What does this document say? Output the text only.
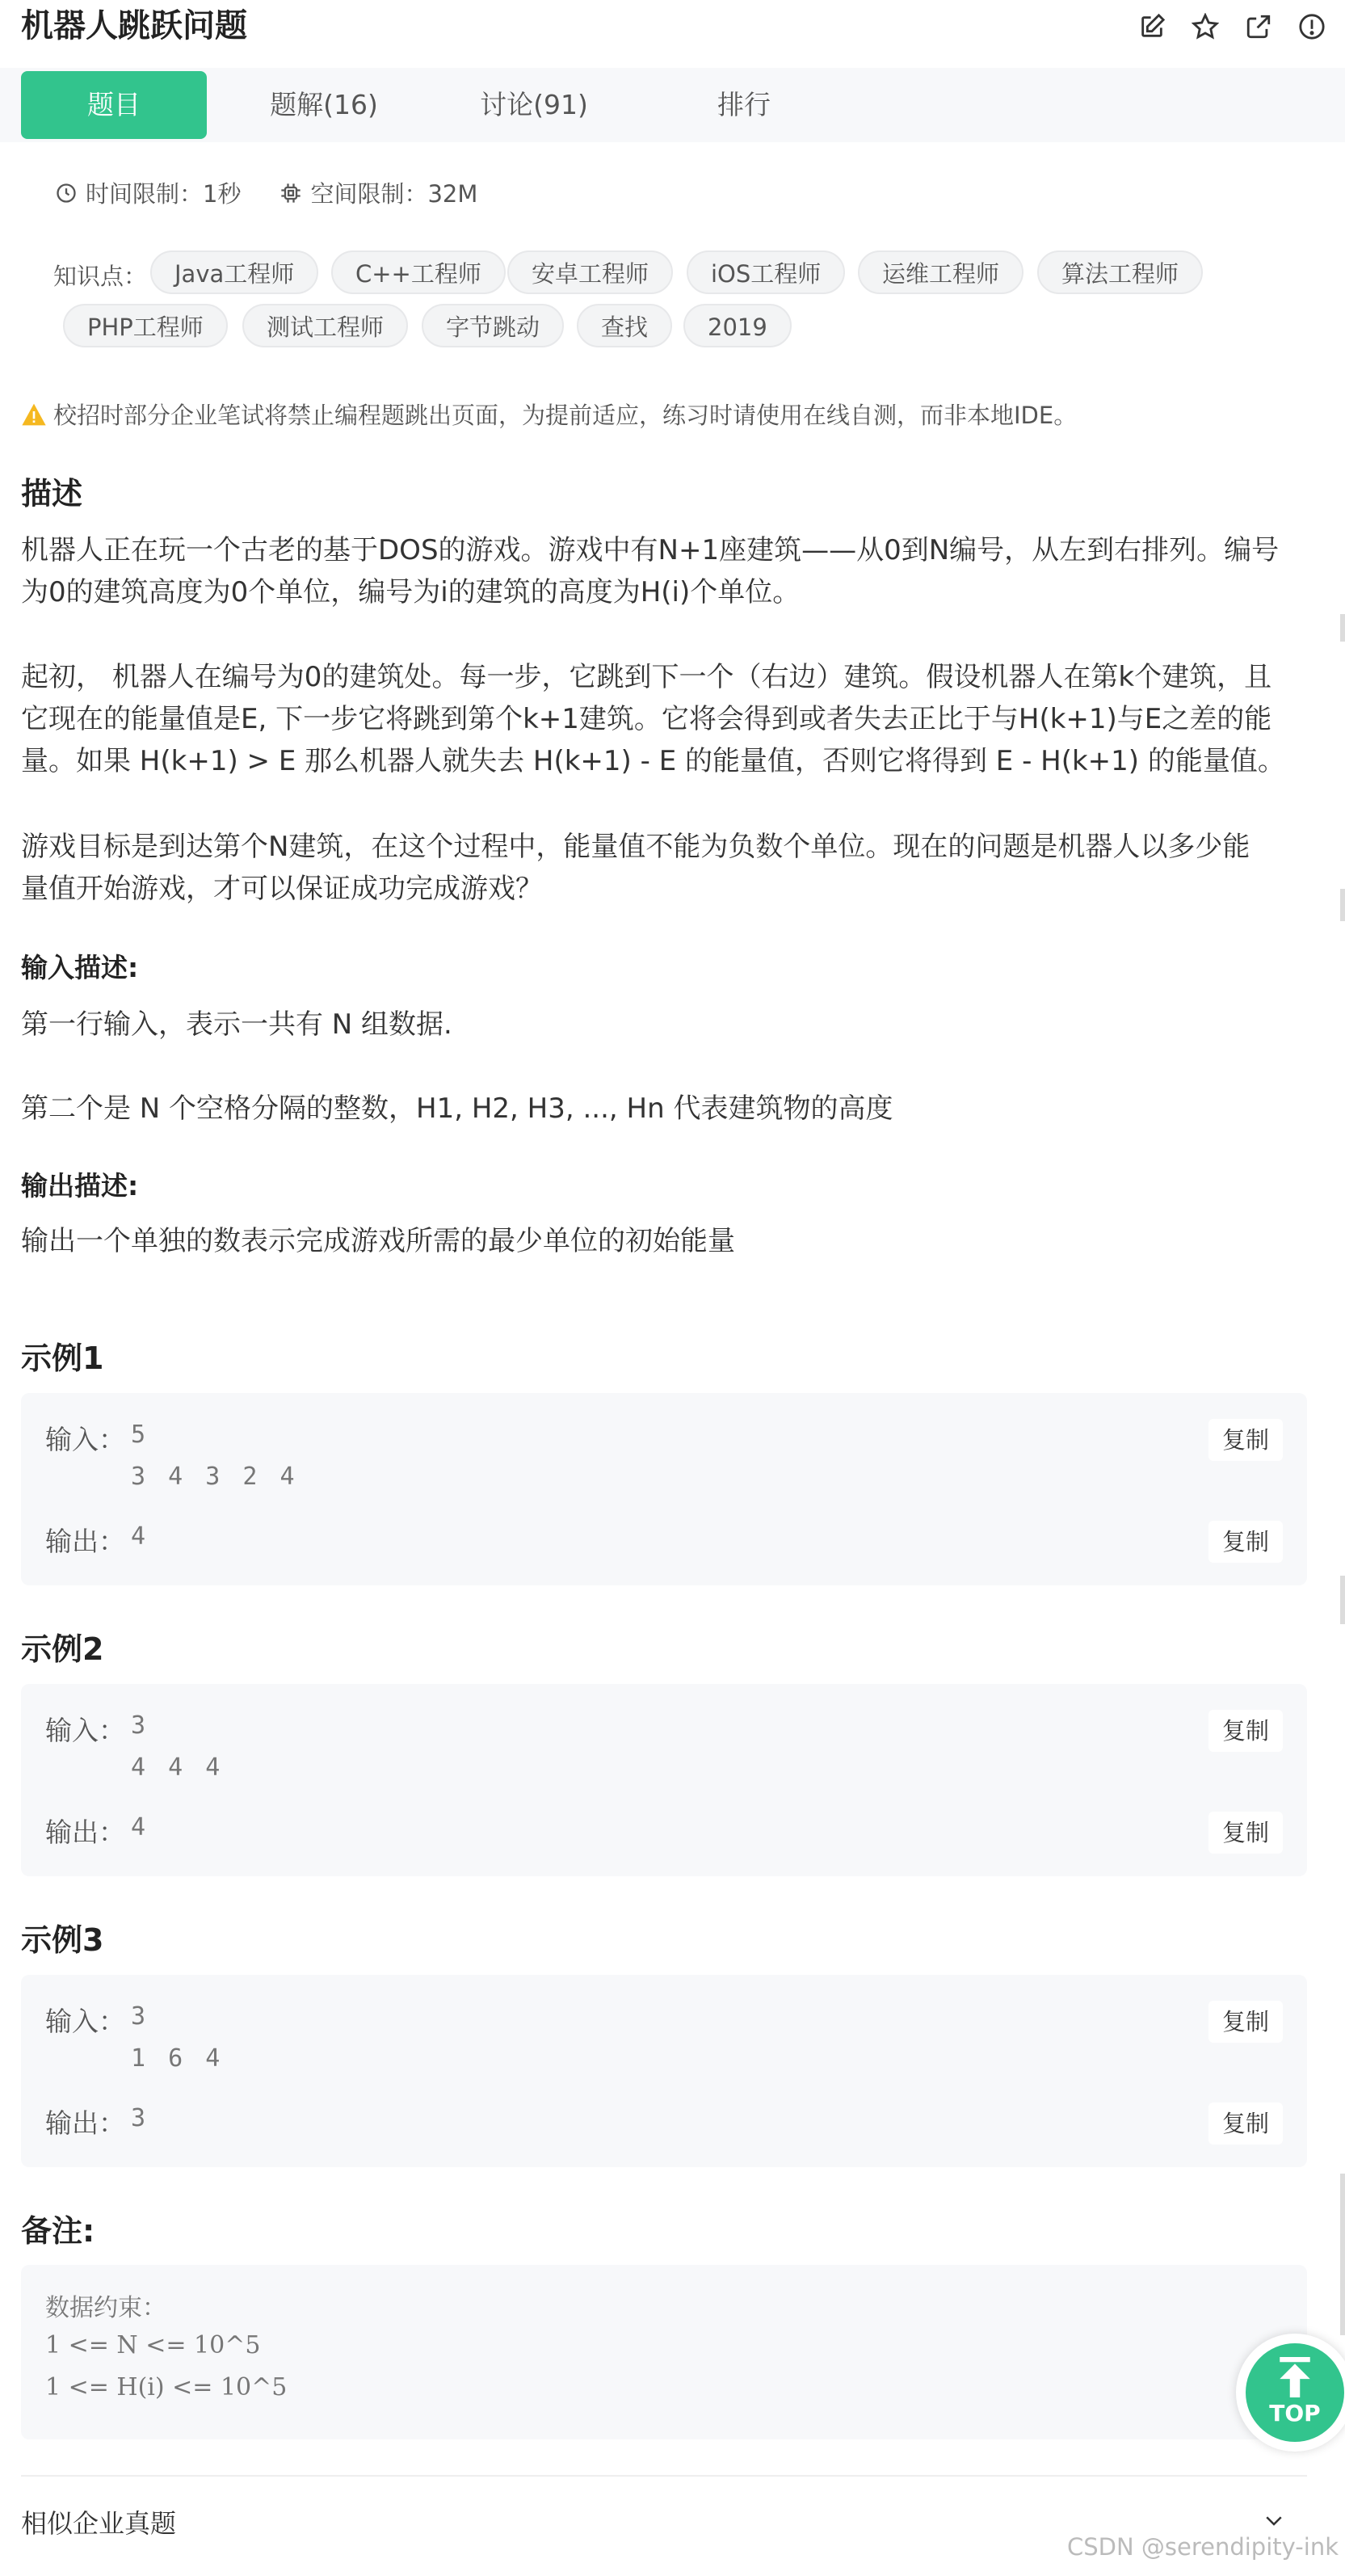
机器人跳跃问题
题目	题解(16)	讨论(91)	排行
时间限制：1秒	空间限制：32M
知识点：	Java工程师	C++工程师	安卓工程师	iOS工程师	运维工程师	算法工程师
PHP工程师	测试工程师	字节跳动	查找	2019
校招时部分企业笔试将禁止编程题跳出页面，为提前适应，练习时请使用在线自测，而非本地IDE。
描述
机器人正在玩一个古老的基于DOS的游戏。游戏中有N+1座建筑——从0到N编号，从左到右排列。编号
为0的建筑高度为0个单位，编号为i的建筑的高度为H(i)个单位。
起初， 机器人在编号为0的建筑处。每一步，它跳到下一个（右边）建筑。假设机器人在第k个建筑，且
它现在的能量值是E, 下一步它将跳到第个k+1建筑。它将会得到或者失去正比于与H(k+1)与E之差的能
量。如果 H(k+1) > E 那么机器人就失去 H(k+1) - E 的能量值，否则它将得到 E - H(k+1) 的能量值。
游戏目标是到达第个N建筑，在这个过程中，能量值不能为负数个单位。现在的问题是机器人以多少能
量值开始游戏，才可以保证成功完成游戏？
输入描述:
第一行输入，表示一共有 N 组数据.
第二个是 N 个空格分隔的整数，H1, H2, H3, ..., Hn 代表建筑物的高度
输出描述:
输出一个单独的数表示完成游戏所需的最少单位的初始能量
示例1
输入： 5
3 4 3 2 4
复制
输出： 4	复制
示例2
输入： 3
4 4 4
复制
输出： 4	复制
示例3
输入： 3
1 6 4
复制
输出： 3	复制
备注:
数据约束：
1 <= N <= 10^5
1 <= H(i) <= 10^5
相似企业真题
CSDN @serendipity-ink
TOP
